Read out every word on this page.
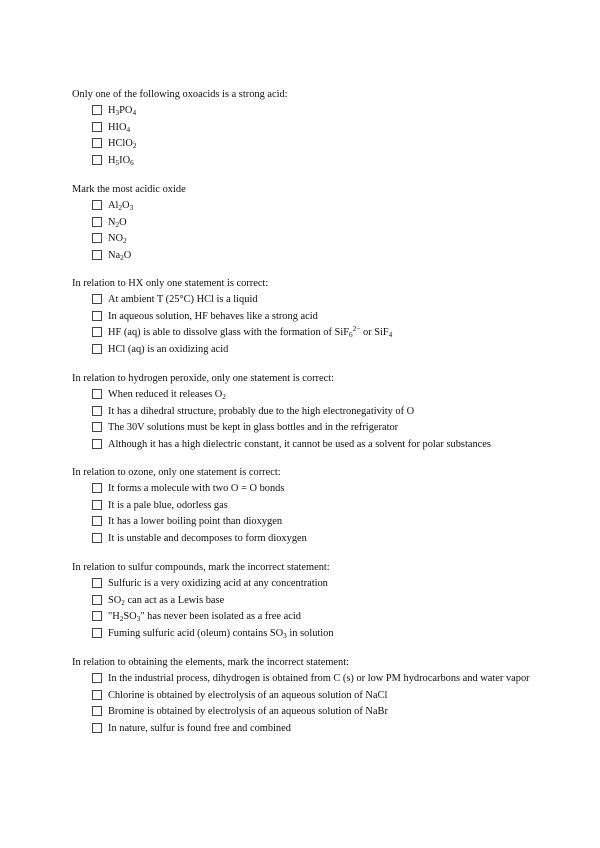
Only one of the following oxoacids is a strong acid:
$H_3PO_4$
$HIO_4$
HClO$_2$
$H_5IO_6$
Mark the most acidic oxide
$Al_2O_3$
$N_2O$
$NO_2$
$Na_2O$
In relation to HX only one statement is correct:
At ambient T (25°C) HCl is a liquid
In aqueous solution, HF behaves like a strong acid
HF (aq) is able to dissolve glass with the formation of SiF$_6^{2-}$ or SiF$_4$
HCl (aq) is an oxidizing acid
In relation to hydrogen peroxide, only one statement is correct:
When reduced it releases $O_2$
It has a dihedral structure, probably due to the high electronegativity of O
The 30V solutions must be kept in glass bottles and in the refrigerator
Although it has a high dielectric constant, it cannot be used as a solvent for polar substances
In relation to ozone, only one statement is correct:
It forms a molecule with two O = O bonds
It is a pale blue, odorless gas
It has a lower boiling point than dioxygen
It is unstable and decomposes to form dioxygen
In relation to sulfur compounds, mark the incorrect statement:
Sulfuric is a very oxidizing acid at any concentration
$SO_2$ can act as a Lewis base
"$H_2SO_3$" has never been isolated as a free acid
Fuming sulfuric acid (oleum) contains $SO_3$ in solution
In relation to obtaining the elements, mark the incorrect statement:
In the industrial process, dihydrogen is obtained from C (s) or low PM hydrocarbons and water vapor
Chlorine is obtained by electrolysis of an aqueous solution of NaCl
Bromine is obtained by electrolysis of an aqueous solution of NaBr
In nature, sulfur is found free and combined
